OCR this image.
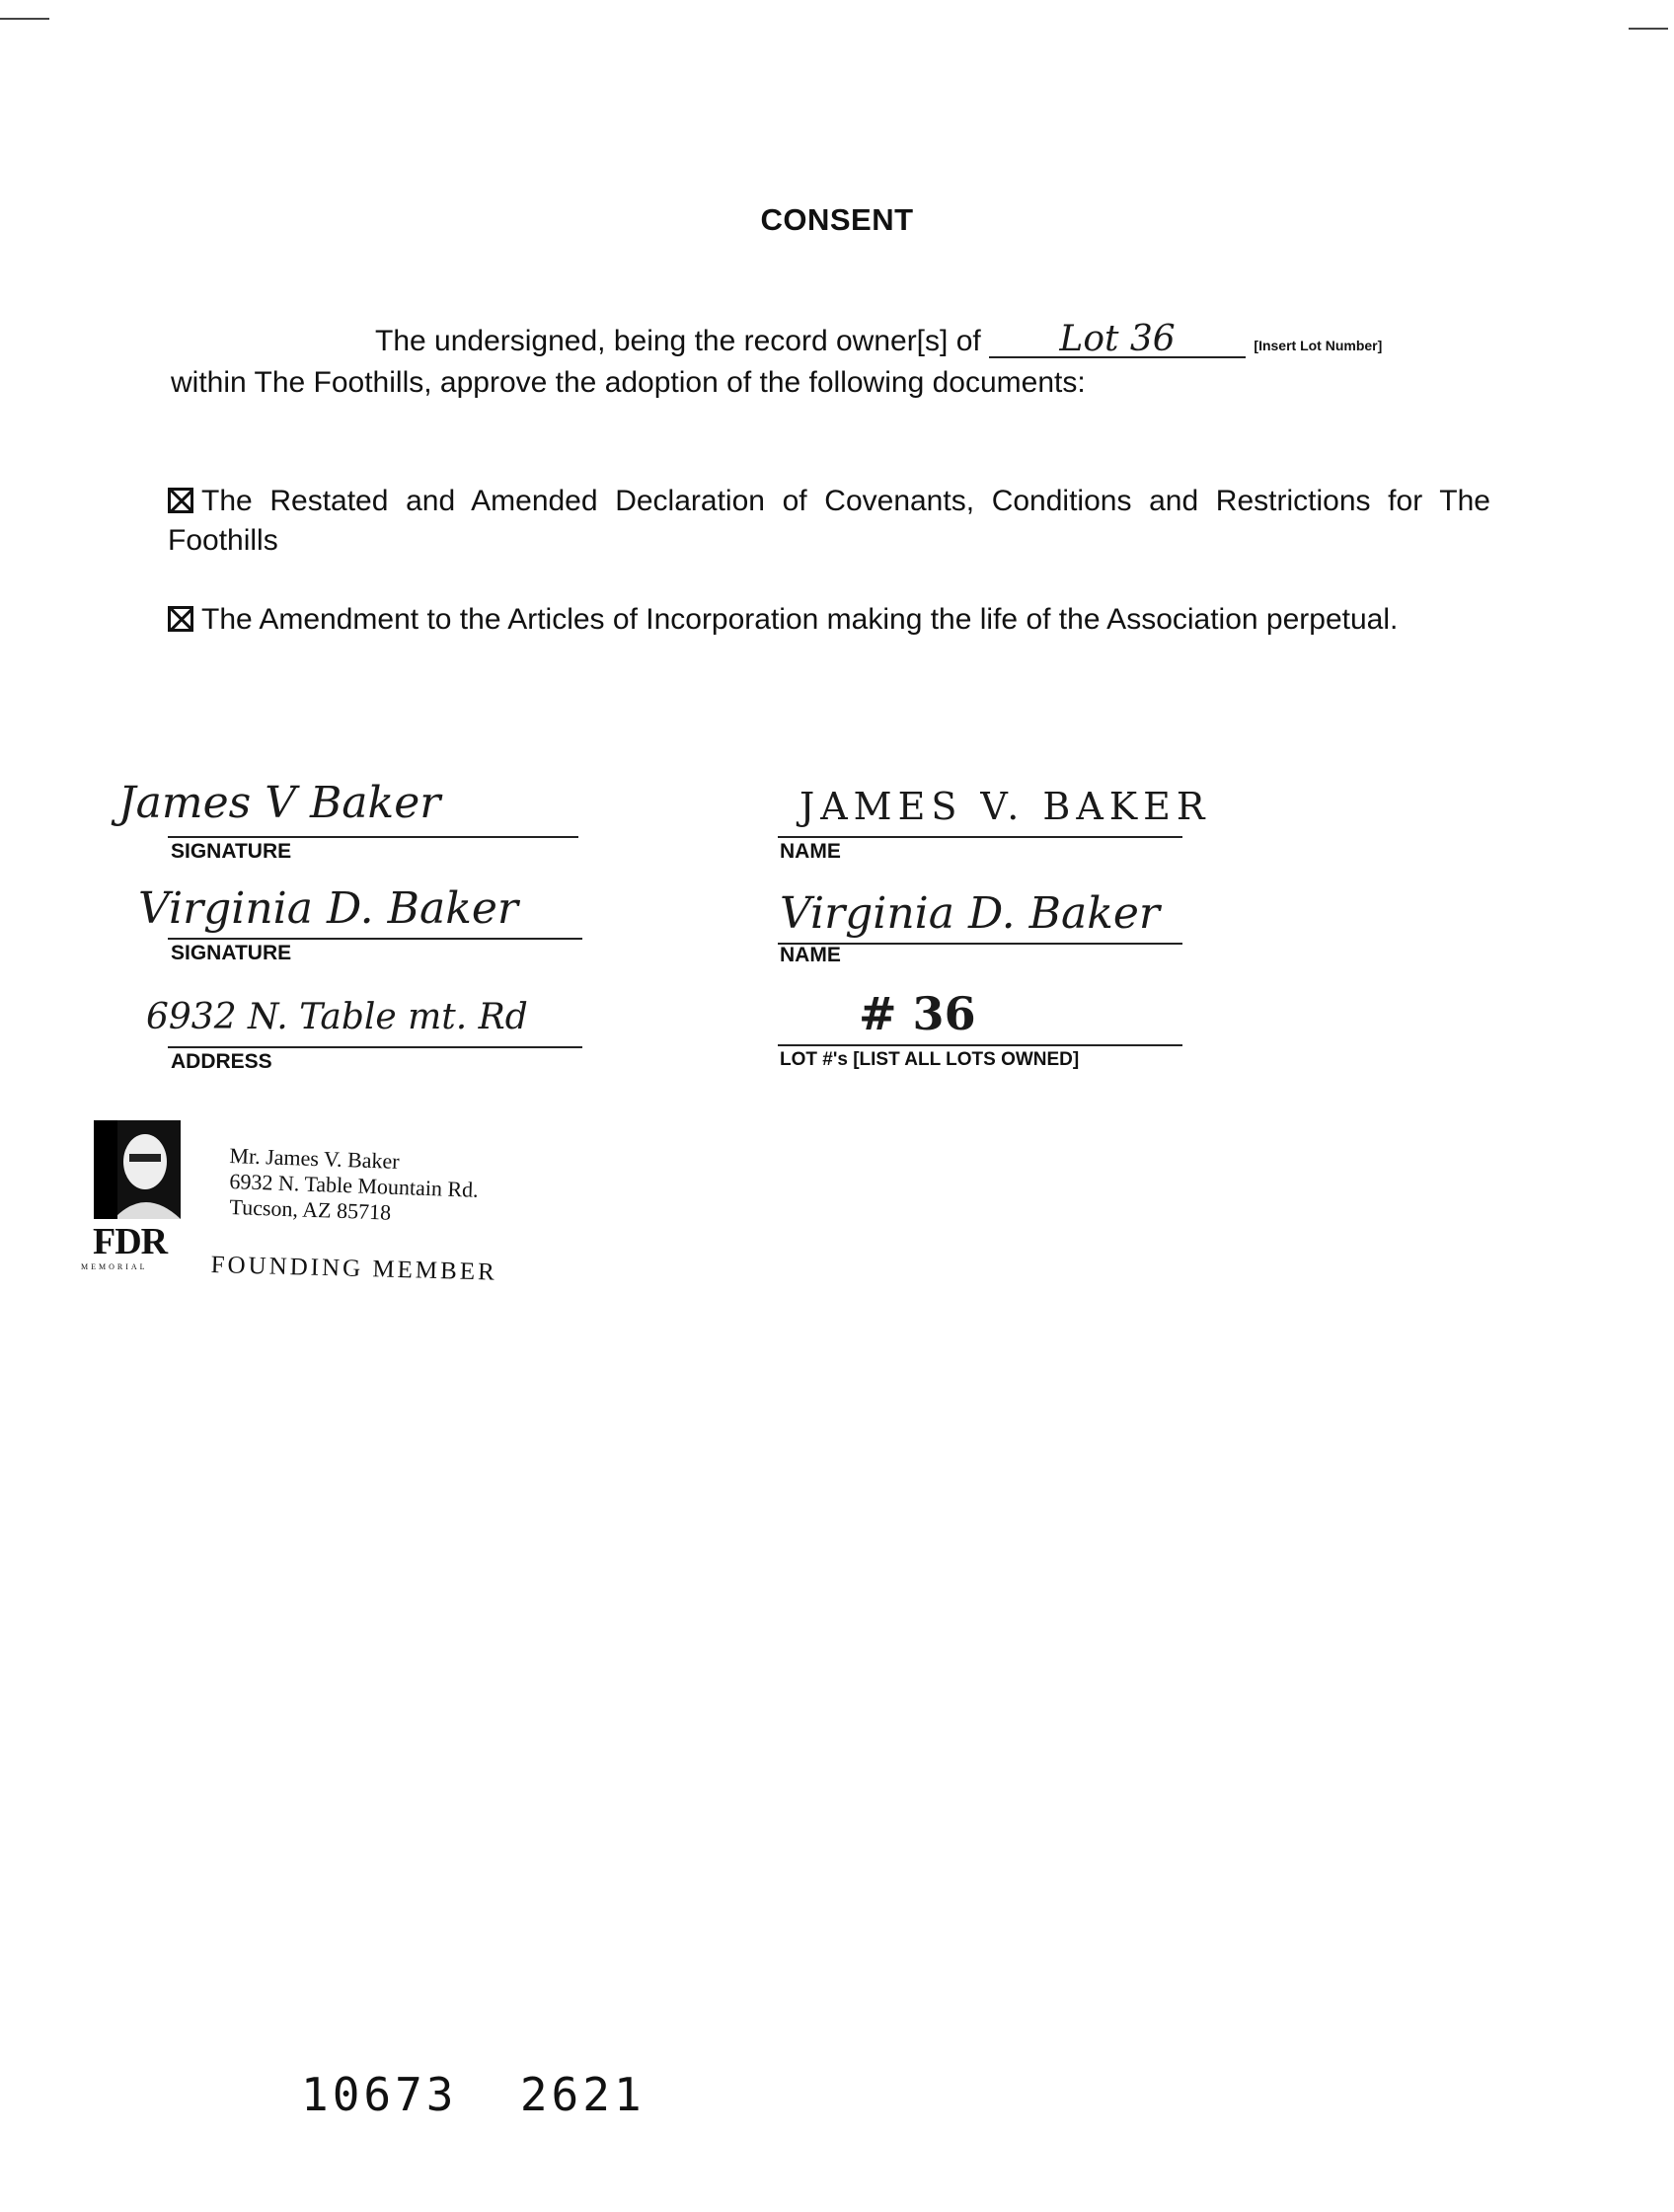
CONSENT
The undersigned, being the record owner[s] of Lot 36	[Insert Lot Number]
within The Foothills, approve the adoption of the following documents:
The Restated and Amended Declaration of Covenants, Conditions and Restrictions for The Foothills
The Amendment to the Articles of Incorporation making the life of the Association perpetual.
James V Baker
SIGNATURE
Virginia D. Baker
SIGNATURE
6932 N. Table mt. Rd
ADDRESS
JAMES V. BAKER
NAME
Virginia D. Baker
NAME
# 36
LOT #'s [LIST ALL LOTS OWNED]
FDR
MEMORIAL
Mr. James V. Baker
6932 N. Table Mountain Rd.
Tucson, AZ 85718
FOUNDING MEMBER
10673  2621
